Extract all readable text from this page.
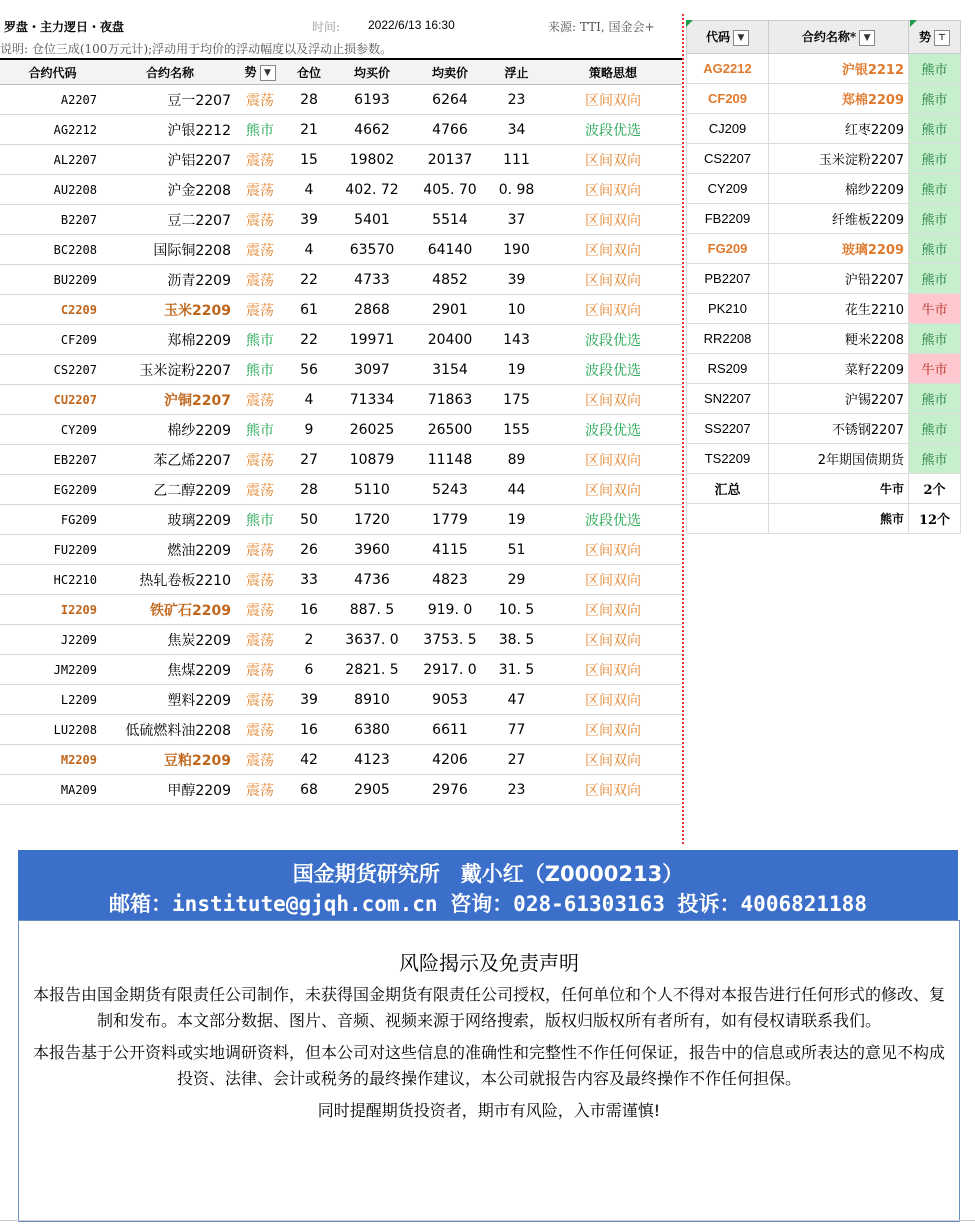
罗盘・主力逻日・夜盘	时间: 2022/6/13 16:30	来源: TTI, 国金会+
说明: 仓位三成(100万元计);浮动用于均价的浮动幅度以及浮动止损参数。
合约代码	合约名称	势 ▼	仓位	均买价	均卖价	浮止	策略思想
A2207	豆一2207	震荡	28	6193	6264	23	区间双向
AG2212	沪银2212	熊市	21	4662	4766	34	波段优选
AL2207	沪铝2207	震荡	15	19802	20137	111	区间双向
AU2208	沪金2208	震荡	4	402. 72	405. 70	0. 98	区间双向
B2207	豆二2207	震荡	39	5401	5514	37	区间双向
BC2208	国际铜2208	震荡	4	63570	64140	190	区间双向
BU2209	沥青2209	震荡	22	4733	4852	39	区间双向
C2209	玉米2209	震荡	61	2868	2901	10	区间双向
CF209	郑棉2209	熊市	22	19971	20400	143	波段优选
CS2207	玉米淀粉2207	熊市	56	3097	3154	19	波段优选
CU2207	沪铜2207	震荡	4	71334	71863	175	区间双向
CY209	棉纱2209	熊市	9	26025	26500	155	波段优选
EB2207	苯乙烯2207	震荡	27	10879	11148	89	区间双向
EG2209	乙二醇2209	震荡	28	5110	5243	44	区间双向
FG209	玻璃2209	熊市	50	1720	1779	19	波段优选
FU2209	燃油2209	震荡	26	3960	4115	51	区间双向
HC2210	热轧卷板2210	震荡	33	4736	4823	29	区间双向
I2209	铁矿石2209	震荡	16	887. 5	919. 0	10. 5	区间双向
J2209	焦炭2209	震荡	2	3637. 0	3753. 5	38. 5	区间双向
JM2209	焦煤2209	震荡	6	2821. 5	2917. 0	31. 5	区间双向
L2209	塑料2209	震荡	39	8910	9053	47	区间双向
LU2208	低硫燃料油2208	震荡	16	6380	6611	77	区间双向
M2209	豆粕2209	震荡	42	4123	4206	27	区间双向
MA209	甲醇2209	震荡	68	2905	2976	23	区间双向
代码 ▼	合约名称* ▼	势 ⊤
AG2212	沪银2212	熊市
CF209	郑棉2209	熊市
CJ209	红枣2209	熊市
CS2207	玉米淀粉2207	熊市
CY209	棉纱2209	熊市
FB2209	纤维板2209	熊市
FG209	玻璃2209	熊市
PB2207	沪铅2207	熊市
PK210	花生2210	牛市
RR2208	粳米2208	熊市
RS209	菜籽2209	牛市
SN2207	沪锡2207	熊市
SS2207	不锈钢2207	熊市
TS2209	2年期国债期货	熊市
汇总	牛市	2个
	熊市	12个
国金期货研究所　戴小红（Z0000213）
邮箱：institute@gjqh.com.cn 咨询：028-61303163 投诉：4006821188
风险揭示及免责声明

本报告由国金期货有限责任公司制作，未获得国金期货有限责任公司授权，任何单位和个人不得对本报告进行任何形式的修改、复制和发布。本文部分数据、图片、音频、视频来源于网络搜索，版权归版权所有者所有，如有侵权请联系我们。

本报告基于公开资料或实地调研资料，但本公司对这些信息的准确性和完整性不作任何保证，报告中的信息或所表达的意见不构成投资、法律、会计或税务的最终操作建议，本公司就报告内容及最终操作不作任何担保。

同时提醒期货投资者，期市有风险，入市需谨慎!
